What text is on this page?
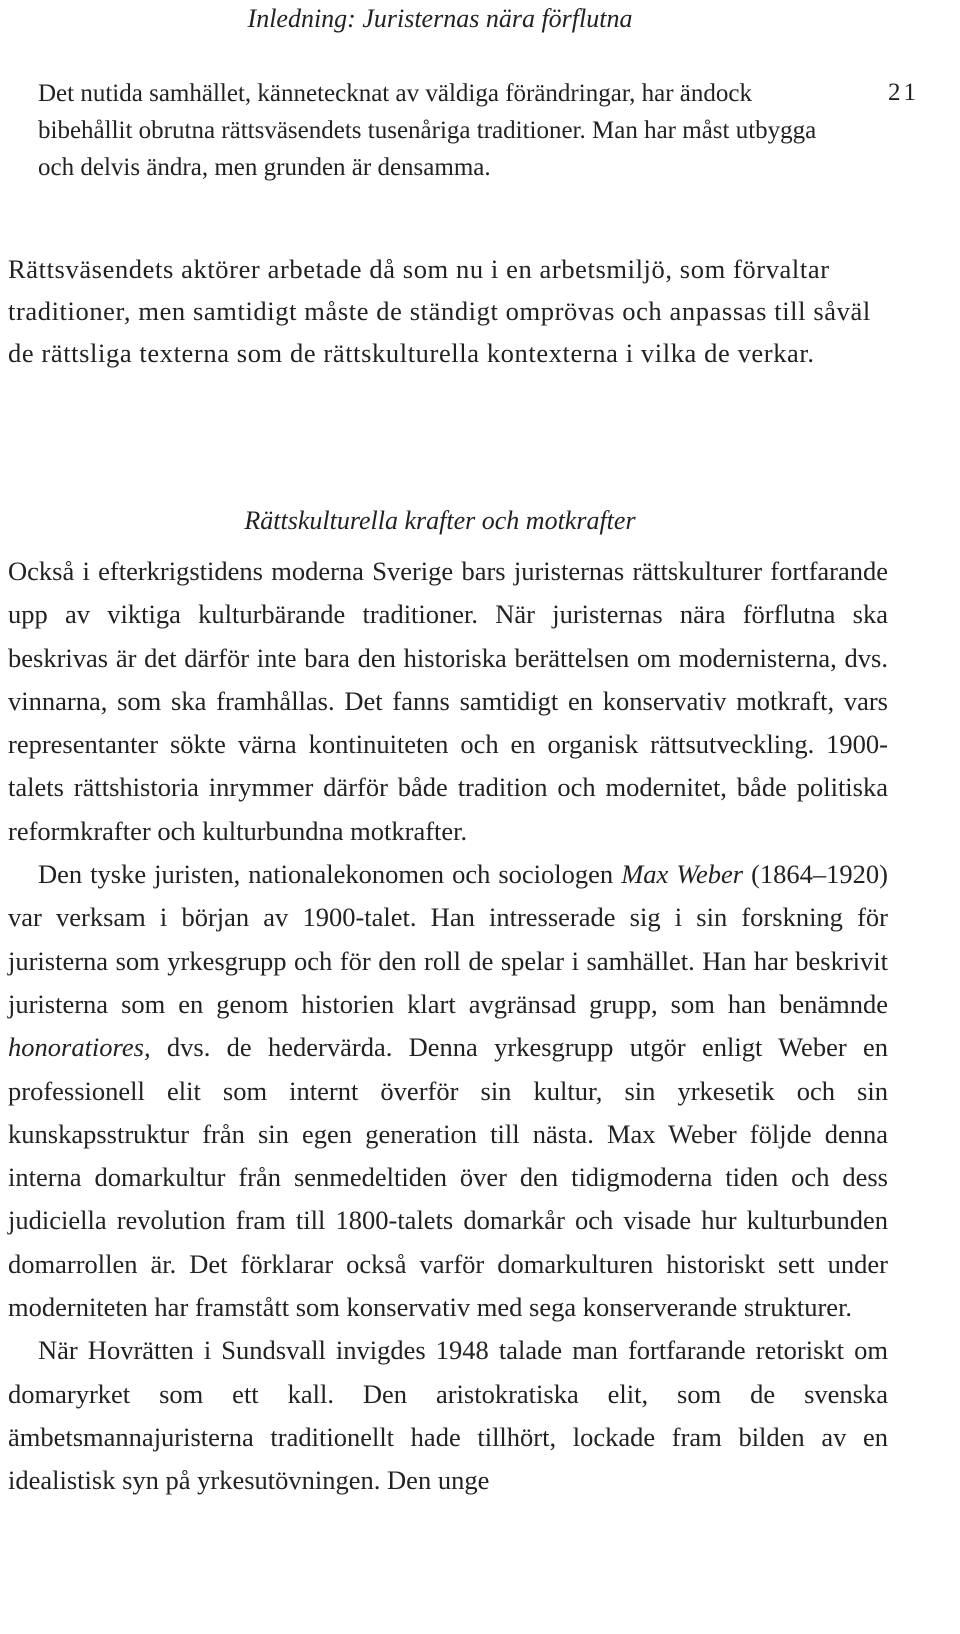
Inledning: Juristernas nära förflutna
21

Det nutida samhället, kännetecknat av väldiga förändringar, har ändock bibehållit obrutna rättsväsendets tusenåriga traditioner. Man har måst utbygga och delvis ändra, men grunden är densamma.

Rättsväsendets aktörer arbetade då som nu i en arbetsmiljö, som förvaltar traditioner, men samtidigt måste de ständigt omprövas och anpassas till såväl de rättsliga texterna som de rättskulturella kontexterna i vilka de verkar.

Rättskulturella krafter och motkrafter

Också i efterkrigstidens moderna Sverige bars juristernas rättskulturer fortfarande upp av viktiga kulturbärande traditioner. När juristernas nära förflutna ska beskrivas är det därför inte bara den historiska berättelsen om modernisterna, dvs. vinnarna, som ska framhållas. Det fanns samtidigt en konservativ motkraft, vars representanter sökte värna kontinuiteten och en organisk rättsutveckling. 1900-talets rättshistoria inrymmer därför både tradition och modernitet, både politiska reformkrafter och kulturbundna motkrafter.

Den tyske juristen, nationalekonomen och sociologen Max Weber (1864–1920) var verksam i början av 1900-talet. Han intresserade sig i sin forskning för juristerna som yrkesgrupp och för den roll de spelar i samhället. Han har beskrivit juristerna som en genom historien klart avgränsad grupp, som han benämnde honoratiores, dvs. de hedervärda. Denna yrkesgrupp utgör enligt Weber en professionell elit som internt överför sin kultur, sin yrkesetik och sin kunskapsstruktur från sin egen generation till nästa. Max Weber följde denna interna domarkultur från senmedeltiden över den tidigmoderna tiden och dess judiciella revolution fram till 1800-talets domarkår och visade hur kulturbunden domarrollen är. Det förklarar också varför domarkulturen historiskt sett under moderniteten har framstått som konservativ med sega konserverande strukturer.

När Hovrätten i Sundsvall invigdes 1948 talade man fortfarande retoriskt om domaryrket som ett kall. Den aristokratiska elit, som de svenska ämbetsmannajuristerna traditionellt hade tillhört, lockade fram bilden av en idealistisk syn på yrkesutövningen. Den unge
